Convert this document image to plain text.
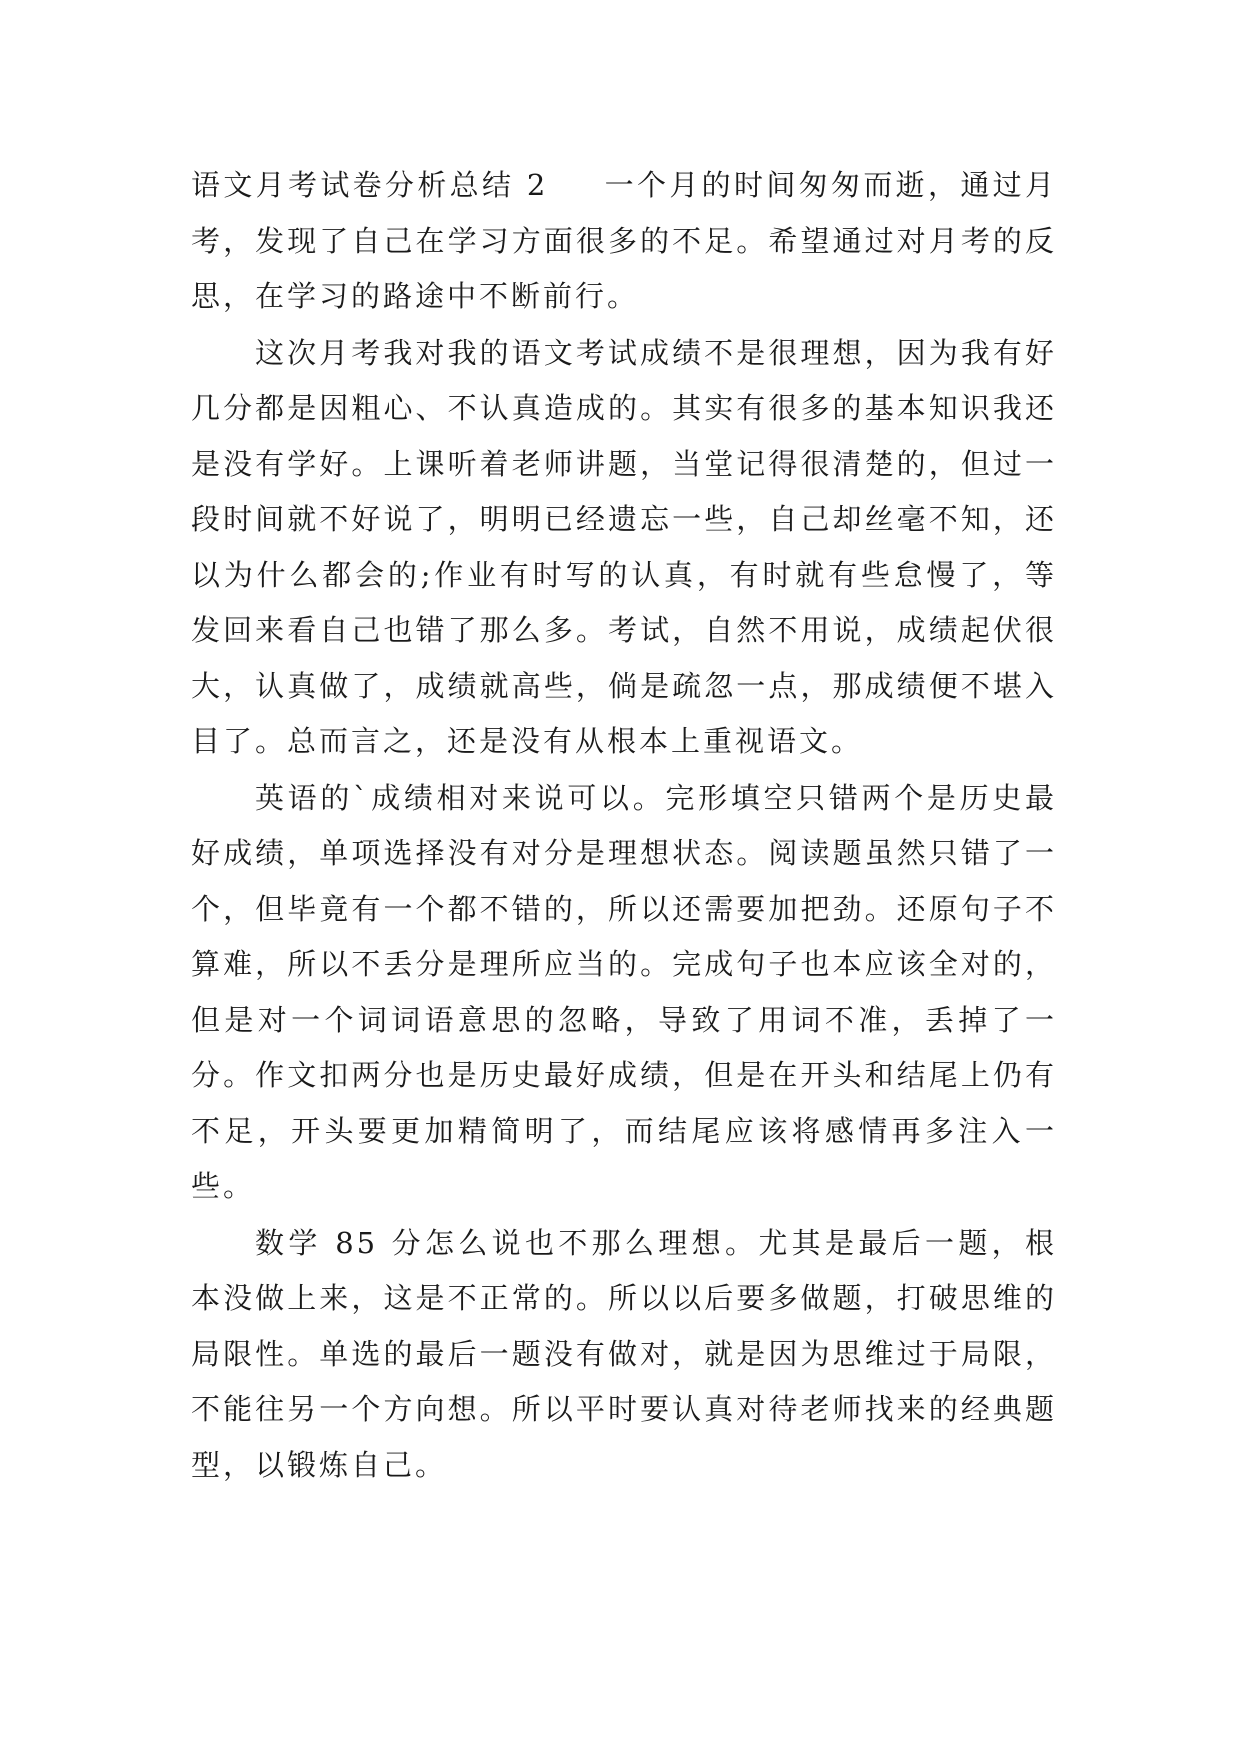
语文月考试卷分析总结 2 一个月的时间匆匆而逝，通过月考，发现了自己在学习方面很多的不足。希望通过对月考的反思，在学习的路途中不断前行。

这次月考我对我的语文考试成绩不是很理想，因为我有好几分都是因粗心、不认真造成的。其实有很多的基本知识我还是没有学好。上课听着老师讲题，当堂记得很清楚的，但过一段时间就不好说了，明明已经遗忘一些，自己却丝毫不知，还以为什么都会的;作业有时写的认真，有时就有些怠慢了，等发回来看自己也错了那么多。考试，自然不用说，成绩起伏很大，认真做了，成绩就高些，倘是疏忽一点，那成绩便不堪入目了。总而言之，还是没有从根本上重视语文。

英语的`成绩相对来说可以。完形填空只错两个是历史最好成绩，单项选择没有对分是理想状态。阅读题虽然只错了一个，但毕竟有一个都不错的，所以还需要加把劲。还原句子不算难，所以不丢分是理所应当的。完成句子也本应该全对的，但是对一个词词语意思的忽略，导致了用词不准，丢掉了一分。作文扣两分也是历史最好成绩，但是在开头和结尾上仍有不足，开头要更加精简明了，而结尾应该将感情再多注入一些。

数学 85 分怎么说也不那么理想。尤其是最后一题，根本没做上来，这是不正常的。所以以后要多做题，打破思维的局限性。单选的最后一题没有做对，就是因为思维过于局限，不能往另一个方向想。所以平时要认真对待老师找来的经典题型，以锻炼自己。
